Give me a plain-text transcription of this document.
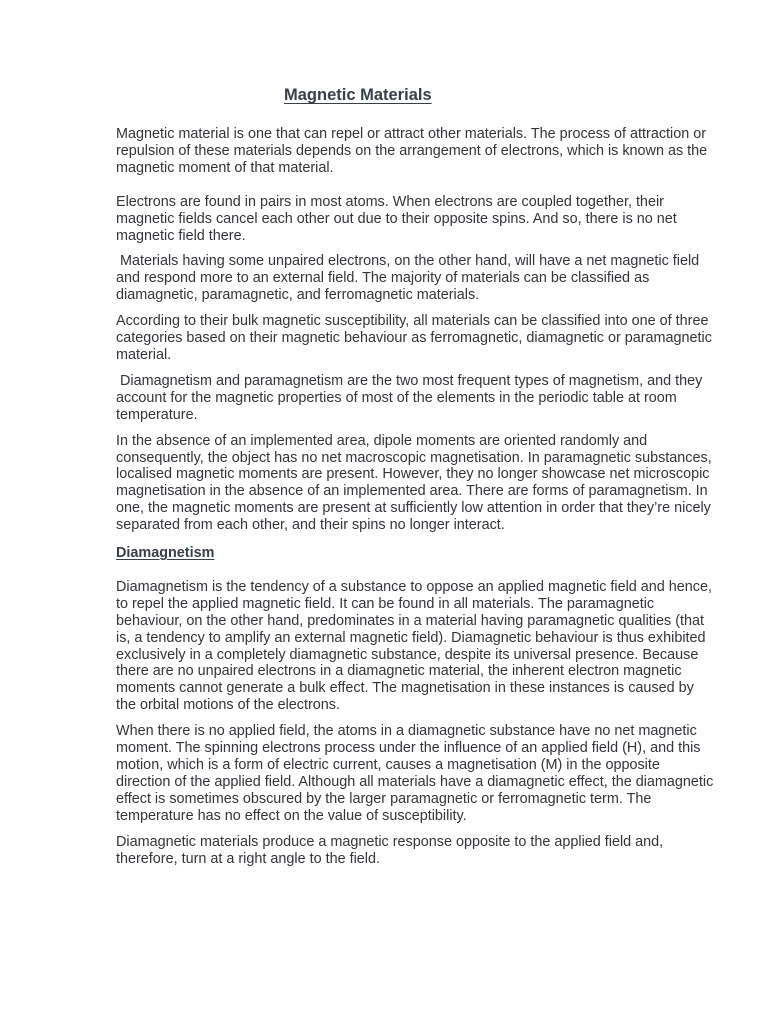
Magnetic Materials

Magnetic material is one that can repel or attract other materials. The process of attraction or repulsion of these materials depends on the arrangement of electrons, which is known as the magnetic moment of that material.

Electrons are found in pairs in most atoms. When electrons are coupled together, their magnetic fields cancel each other out due to their opposite spins. And so, there is no net magnetic field there.

Materials having some unpaired electrons, on the other hand, will have a net magnetic field and respond more to an external field. The majority of materials can be classified as diamagnetic, paramagnetic, and ferromagnetic materials.

According to their bulk magnetic susceptibility, all materials can be classified into one of three categories based on their magnetic behaviour as ferromagnetic, diamagnetic or paramagnetic material.

Diamagnetism and paramagnetism are the two most frequent types of magnetism, and they account for the magnetic properties of most of the elements in the periodic table at room temperature.

In the absence of an implemented area, dipole moments are oriented randomly and consequently, the object has no net macroscopic magnetisation. In paramagnetic substances, localised magnetic moments are present. However, they no longer showcase net microscopic magnetisation in the absence of an implemented area. There are forms of paramagnetism. In one, the magnetic moments are present at sufficiently low attention in order that they’re nicely separated from each other, and their spins no longer interact.

Diamagnetism

Diamagnetism is the tendency of a substance to oppose an applied magnetic field and hence, to repel the applied magnetic field. It can be found in all materials. The paramagnetic behaviour, on the other hand, predominates in a material having paramagnetic qualities (that is, a tendency to amplify an external magnetic field). Diamagnetic behaviour is thus exhibited exclusively in a completely diamagnetic substance, despite its universal presence. Because there are no unpaired electrons in a diamagnetic material, the inherent electron magnetic moments cannot generate a bulk effect. The magnetisation in these instances is caused by the orbital motions of the electrons.

When there is no applied field, the atoms in a diamagnetic substance have no net magnetic moment. The spinning electrons process under the influence of an applied field (H), and this motion, which is a form of electric current, causes a magnetisation (M) in the opposite direction of the applied field. Although all materials have a diamagnetic effect, the diamagnetic effect is sometimes obscured by the larger paramagnetic or ferromagnetic term. The temperature has no effect on the value of susceptibility.

Diamagnetic materials produce a magnetic response opposite to the applied field and, therefore, turn at a right angle to the field.
